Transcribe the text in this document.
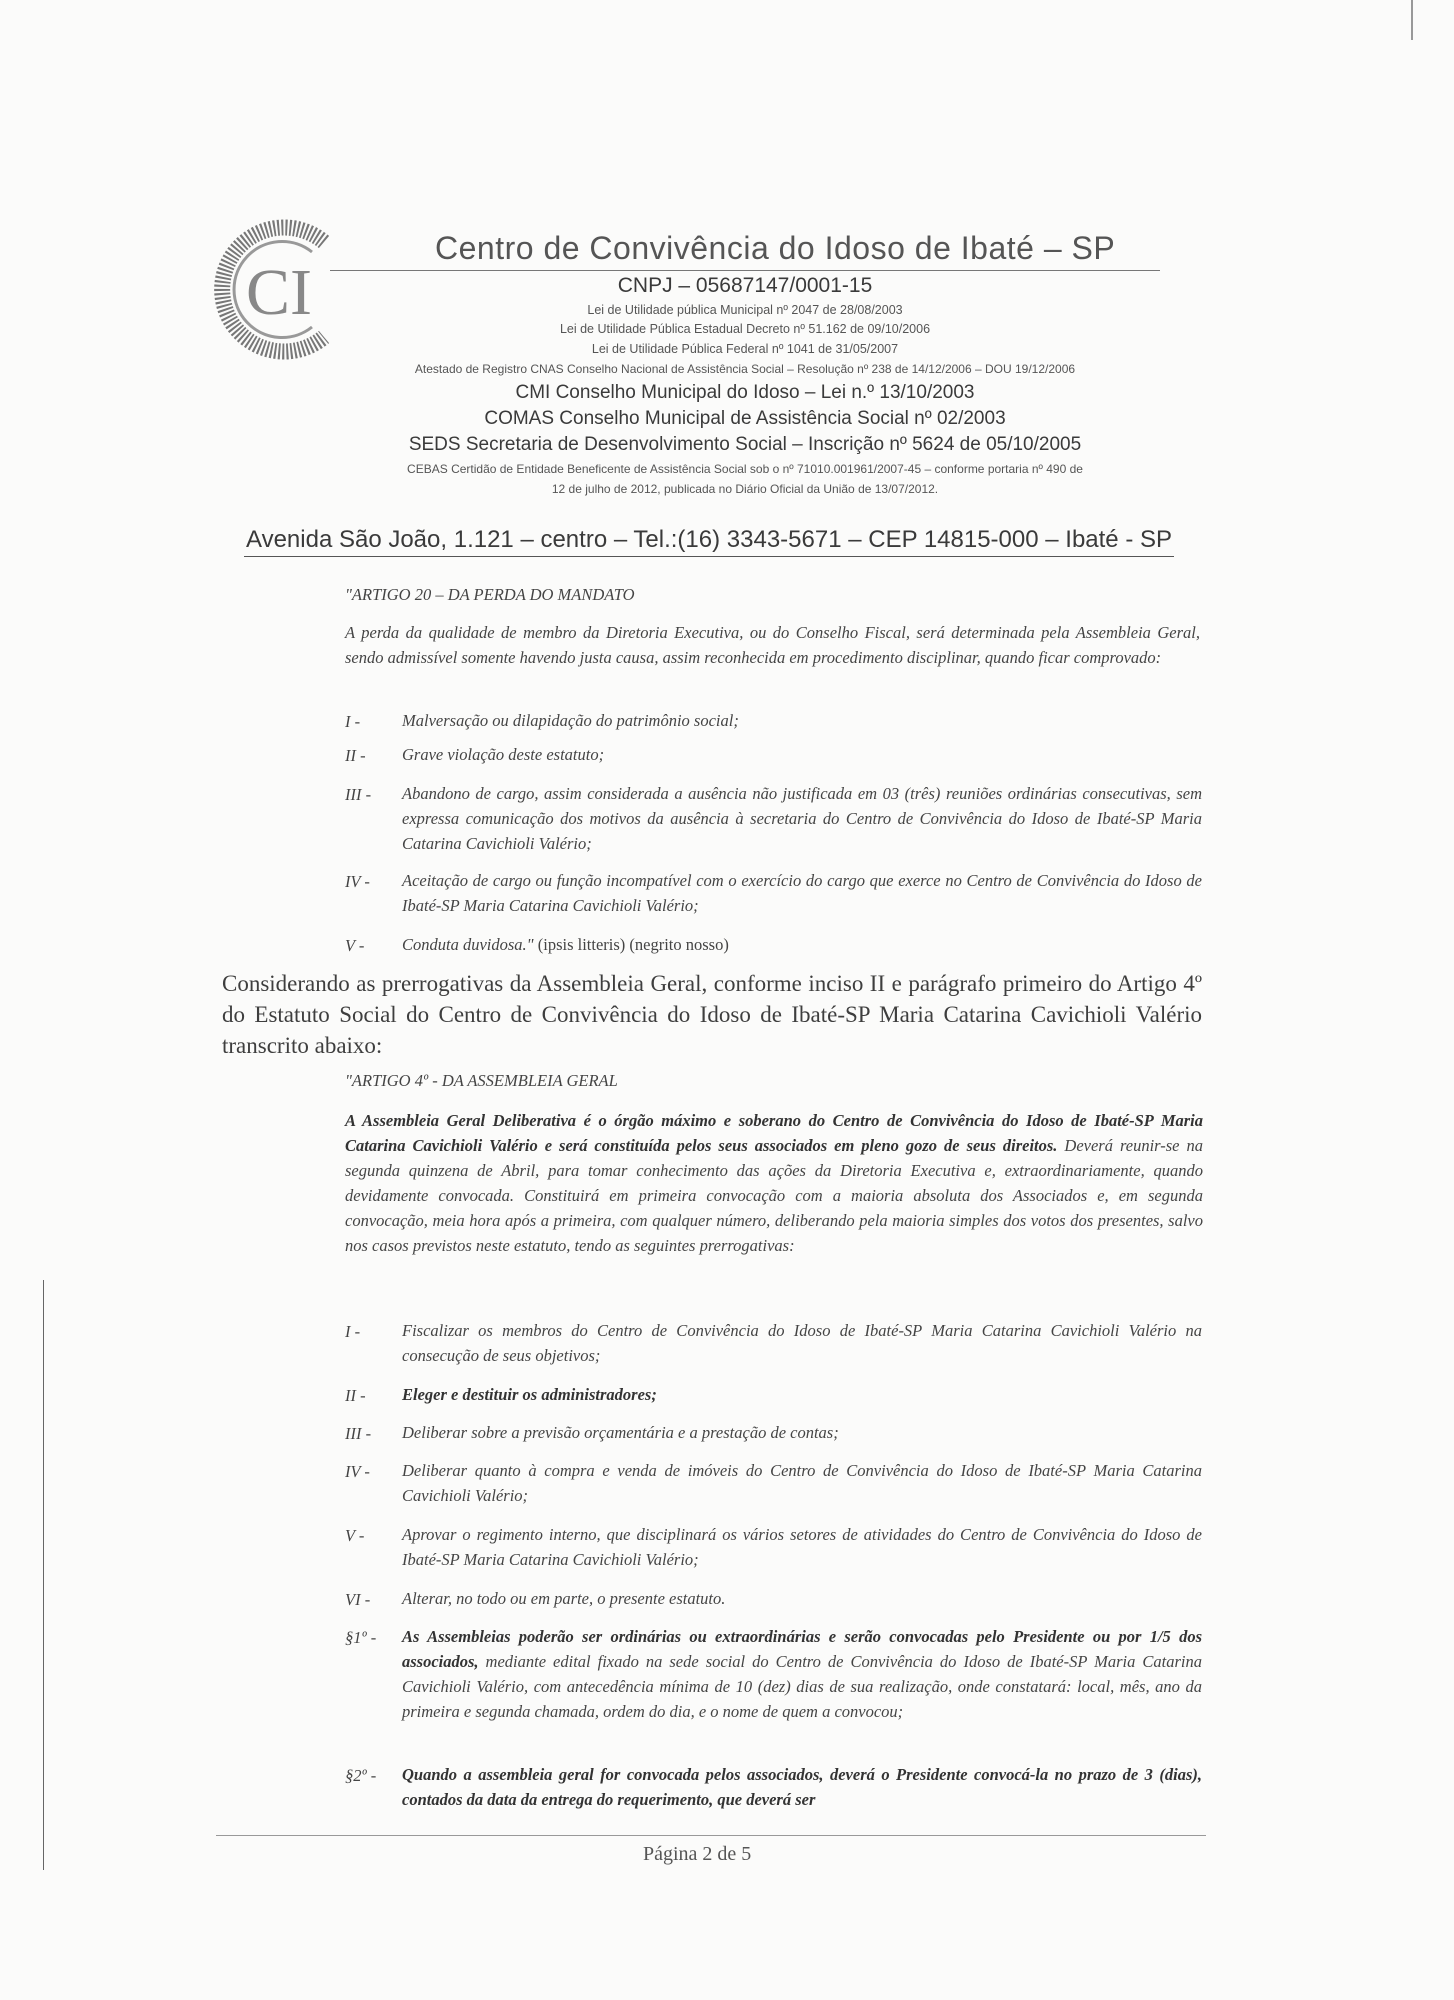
CI
Centro de Convivência do Idoso de Ibaté – SP
CNPJ – 05687147/0001-15
Lei de Utilidade pública Municipal nº 2047 de 28/08/2003
Lei de Utilidade Pública Estadual Decreto nº 51.162 de 09/10/2006
Lei de Utilidade Pública Federal nº 1041 de 31/05/2007
Atestado de Registro CNAS Conselho Nacional de Assistência Social – Resolução nº 238 de 14/12/2006 – DOU 19/12/2006
CMI Conselho Municipal do Idoso – Lei n.º 13/10/2003
COMAS Conselho Municipal de Assistência Social nº 02/2003
SEDS Secretaria de Desenvolvimento Social – Inscrição nº 5624 de 05/10/2005
CEBAS Certidão de Entidade Beneficente de Assistência Social sob o nº 71010.001961/2007-45 – conforme portaria nº 490 de
12 de julho de 2012, publicada no Diário Oficial da União de 13/07/2012.
Avenida São João, 1.121 – centro – Tel.:(16) 3343-5671 – CEP 14815-000 – Ibaté - SP
"ARTIGO 20 – DA PERDA DO MANDATO
A perda da qualidade de membro da Diretoria Executiva, ou do Conselho Fiscal, será determinada pela Assembleia Geral, sendo admissível somente havendo justa causa, assim reconhecida em procedimento disciplinar, quando ficar comprovado:
I -	Malversação ou dilapidação do patrimônio social;
II - Grave violação deste estatuto;
III - Abandono de cargo, assim considerada a ausência não justificada em 03 (três) reuniões ordinárias consecutivas, sem expressa comunicação dos motivos da ausência à secretaria do Centro de Convivência do Idoso de Ibaté-SP Maria Catarina Cavichioli Valério;
IV - Aceitação de cargo ou função incompatível com o exercício do cargo que exerce no Centro de Convivência do Idoso de Ibaté-SP Maria Catarina Cavichioli Valério;
V - Conduta duvidosa." (ipsis litteris) (negrito nosso)
Considerando as prerrogativas da Assembleia Geral, conforme inciso II e parágrafo primeiro do Artigo 4º do Estatuto Social do Centro de Convivência do Idoso de Ibaté-SP Maria Catarina Cavichioli Valério transcrito abaixo:
"ARTIGO 4º - DA ASSEMBLEIA GERAL
A Assembleia Geral Deliberativa é o órgão máximo e soberano do Centro de Convivência do Idoso de Ibaté-SP Maria Catarina Cavichioli Valério e será constituída pelos seus associados em pleno gozo de seus direitos. Deverá reunir-se na segunda quinzena de Abril, para tomar conhecimento das ações da Diretoria Executiva e, extraordinariamente, quando devidamente convocada. Constituirá em primeira convocação com a maioria absoluta dos Associados e, em segunda convocação, meia hora após a primeira, com qualquer número, deliberando pela maioria simples dos votos dos presentes, salvo nos casos previstos neste estatuto, tendo as seguintes prerrogativas:
I -	Fiscalizar os membros do Centro de Convivência do Idoso de Ibaté-SP Maria Catarina Cavichioli Valério na consecução de seus objetivos;
II - Eleger e destituir os administradores;
III - Deliberar sobre a previsão orçamentária e a prestação de contas;
IV - Deliberar quanto à compra e venda de imóveis do Centro de Convivência do Idoso de Ibaté-SP Maria Catarina Cavichioli Valério;
V - Aprovar o regimento interno, que disciplinará os vários setores de atividades do Centro de Convivência do Idoso de Ibaté-SP Maria Catarina Cavichioli Valério;
VI - Alterar, no todo ou em parte, o presente estatuto.
§1º - As Assembleias poderão ser ordinárias ou extraordinárias e serão convocadas pelo Presidente ou por 1/5 dos associados, mediante edital fixado na sede social do Centro de Convivência do Idoso de Ibaté-SP Maria Catarina Cavichioli Valério, com antecedência mínima de 10 (dez) dias de sua realização, onde constatará: local, mês, ano da primeira e segunda chamada, ordem do dia, e o nome de quem a convocou;
§2º - Quando a assembleia geral for convocada pelos associados, deverá o Presidente convocá-la no prazo de 3 (dias), contados da data da entrega do requerimento, que deverá ser
Página 2 de 5
